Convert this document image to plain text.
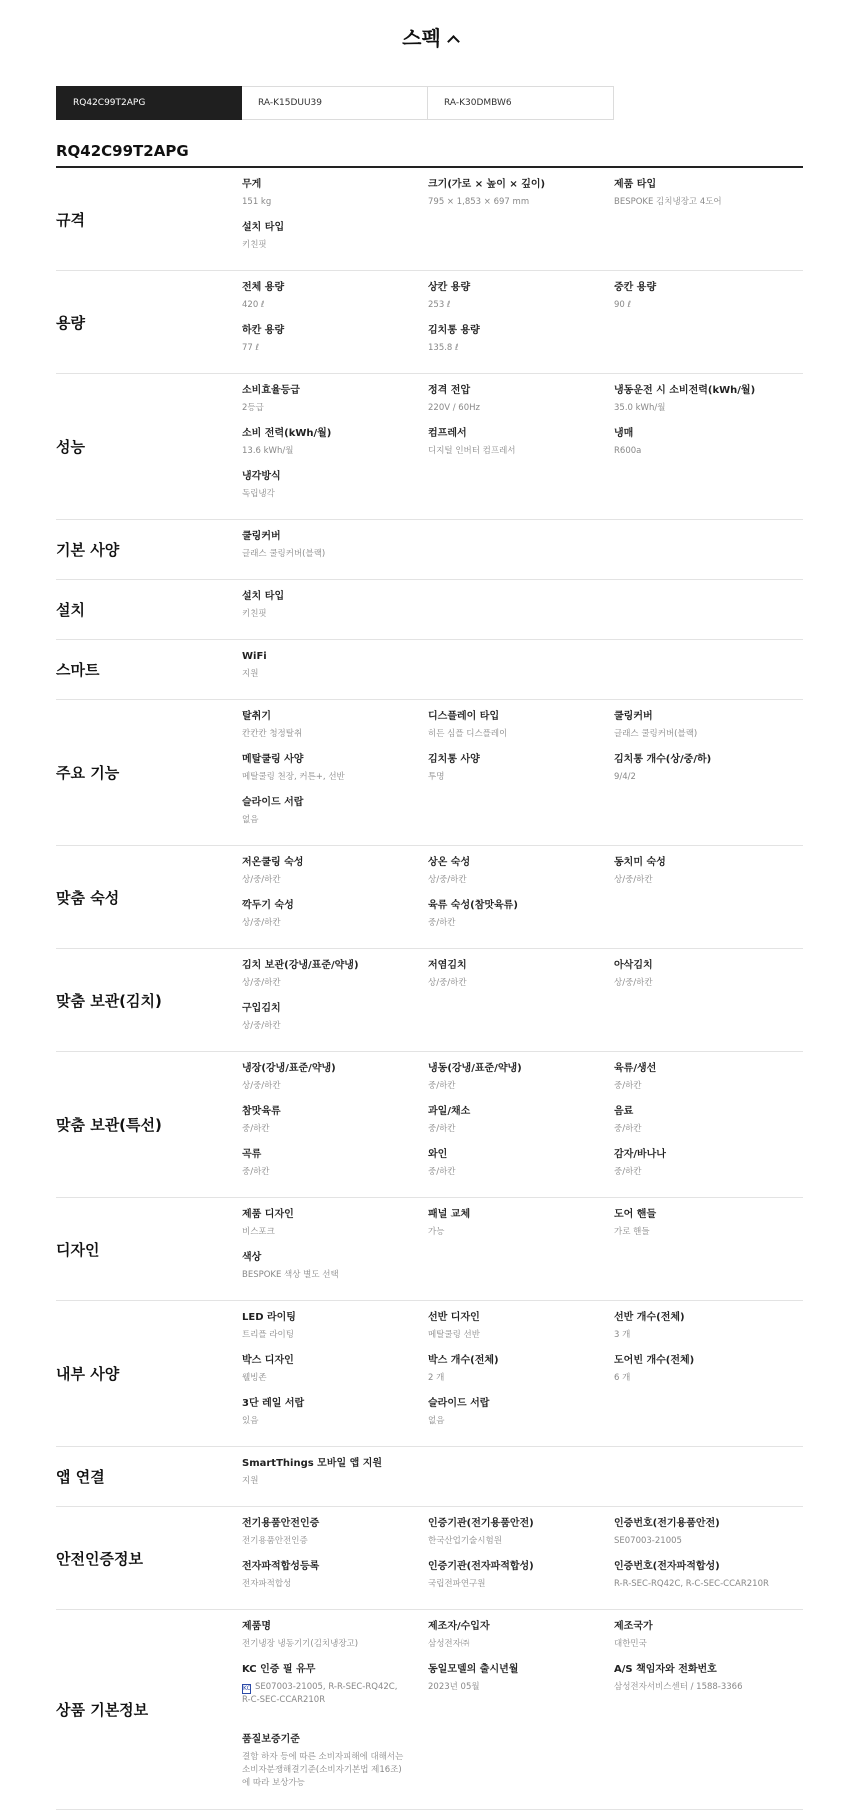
스펙
RQ42C99T2APG	RA-K15DUU39	RA-K30DMBW6
RQ42C99T2APG
규격
무게
151 kg
크기(가로 × 높이 × 깊이)
795 × 1,853 × 697 mm
제품 타입
BESPOKE 김치냉장고 4도어
설치 타입
키친핏
용량
전체 용량
420 ℓ
상칸 용량
253 ℓ
중칸 용량
90 ℓ
하칸 용량
77 ℓ
김치통 용량
135.8 ℓ
성능
소비효율등급
2등급
정격 전압
220V / 60Hz
냉동운전 시 소비전력(kWh/월)
35.0 kWh/월
소비 전력(kWh/월)
13.6 kWh/월
컴프레서
디지털 인버터 컴프레서
냉매
R600a
냉각방식
독립냉각
기본 사양
쿨링커버
글래스 쿨링커버(블랙)
설치
설치 타입
키친핏
스마트
WiFi
지원
주요 기능
탈취기
칸칸칸 청정탈취
디스플레이 타입
히든 심플 디스플레이
쿨링커버
글래스 쿨링커버(블랙)
메탈쿨링 사양
메탈쿨링 천장, 커튼+, 선반
김치통 사양
투명
김치통 개수(상/중/하)
9/4/2
슬라이드 서랍
없음
맞춤 숙성
저온쿨링 숙성
상/중/하칸
상온 숙성
상/중/하칸
동치미 숙성
상/중/하칸
깍두기 숙성
상/중/하칸
육류 숙성(참맛육류)
중/하칸
맞춤 보관(김치)
김치 보관(강냉/표준/약냉)
상/중/하칸
저염김치
상/중/하칸
아삭김치
상/중/하칸
구입김치
상/중/하칸
맞춤 보관(특선)
냉장(강냉/표준/약냉)
상/중/하칸
냉동(강냉/표준/약냉)
중/하칸
육류/생선
중/하칸
참맛육류
중/하칸
과일/채소
중/하칸
음료
중/하칸
곡류
중/하칸
와인
중/하칸
감자/바나나
중/하칸
디자인
제품 디자인
비스포크
패널 교체
가능
도어 핸들
가로 핸들
색상
BESPOKE 색상 별도 선택
내부 사양
LED 라이팅
트리플 라이팅
선반 디자인
메탈쿨링 선반
선반 개수(전체)
3 개
박스 디자인
웰빙존
박스 개수(전체)
2 개
도어빈 개수(전체)
6 개
3단 레일 서랍
있음
슬라이드 서랍
없음
앱 연결
SmartThings 모바일 앱 지원
지원
안전인증정보
전기용품안전인증
전기용품안전인증
인증기관(전기용품안전)
한국산업기술시험원
인증번호(전기용품안전)
SE07003-21005
전자파적합성등록
전자파적합성
인증기관(전자파적합성)
국립전파연구원
인증번호(전자파적합성)
R-R-SEC-RQ42C, R-C-SEC-CCAR210R
상품 기본정보
제품명
전기냉장 냉동기기(김치냉장고)
제조자/수입자
삼성전자㈜
제조국가
대한민국
KC 인증 필 유무
KC SE07003-21005, R-R-SEC-RQ42C, R-C-SEC-CCAR210R
동일모델의 출시년월
2023년 05월
A/S 책임자와 전화번호
삼성전자서비스센터 / 1588-3366
품질보증기준
결함 하자 등에 따른 소비자피해에 대해서는 소비자분쟁해결기준(소비자기본법 제16조)에 따라 보상가능
